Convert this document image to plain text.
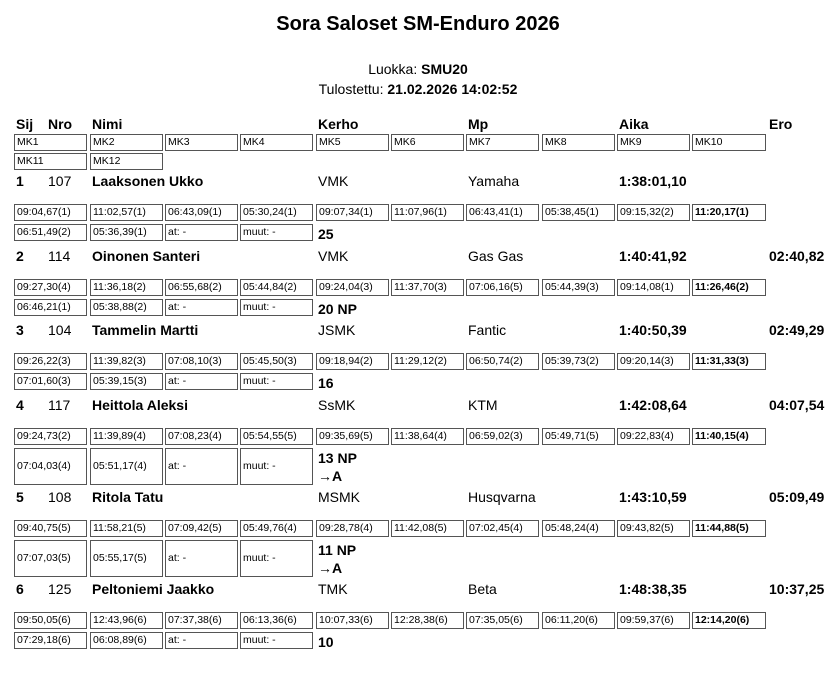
Sora Saloset SM-Enduro 2026
Luokka: SMU20
Tulostettu: 21.02.2026 14:02:52
Sij Nro Nimi	Kerho	Mp	Aika	Ero
MK1	MK2	MK3	MK4	MK5	MK6	MK7	MK8	MK9	MK10
MK11	MK12
1 107 Laaksonen Ukko	VMK	Yamaha	1:38:01,10
09:04,67(1)	11:02,57(1)	06:43,09(1)	05:30,24(1)	09:07,34(1)	11:07,96(1)	06:43,41(1)	05:38,45(1)	09:15,32(2)	11:20,17(1)
06:51,49(2)	05:36,39(1)	at: -	muut: -	25
2 114 Oinonen Santeri	VMK	Gas Gas	1:40:41,92	02:40,82
09:27,30(4)	11:36,18(2)	06:55,68(2)	05:44,84(2)	09:24,04(3)	11:37,70(3)	07:06,16(5)	05:44,39(3)	09:14,08(1)	11:26,46(2)
06:46,21(1)	05:38,88(2)	at: -	muut: -	20 NP
3 104 Tammelin Martti	JSMK	Fantic	1:40:50,39	02:49,29
09:26,22(3)	11:39,82(3)	07:08,10(3)	05:45,50(3)	09:18,94(2)	11:29,12(2)	06:50,74(2)	05:39,73(2)	09:20,14(3)	11:31,33(3)
07:01,60(3)	05:39,15(3)	at: -	muut: -	16
4 117 Heittola Aleksi	SsMK	KTM	1:42:08,64	04:07,54
09:24,73(2)	11:39,89(4)	07:08,23(4)	05:54,55(5)	09:35,69(5)	11:38,64(4)	06:59,02(3)	05:49,71(5)	09:22,83(4)	11:40,15(4)
07:04,03(4)	05:51,17(4)	at: -	muut: -	13 NP
→A
5 108 Ritola Tatu	MSMK	Husqvarna	1:43:10,59	05:09,49
09:40,75(5)	11:58,21(5)	07:09,42(5)	05:49,76(4)	09:28,78(4)	11:42,08(5)	07:02,45(4)	05:48,24(4)	09:43,82(5)	11:44,88(5)
07:07,03(5)	05:55,17(5)	at: -	muut: -	11 NP
→A
6 125 Peltoniemi Jaakko	TMK	Beta	1:48:38,35	10:37,25
09:50,05(6)	12:43,96(6)	07:37,38(6)	06:13,36(6)	10:07,33(6)	12:28,38(6)	07:35,05(6)	06:11,20(6)	09:59,37(6)	12:14,20(6)
07:29,18(6)	06:08,89(6)	at: -	muut: -	10
